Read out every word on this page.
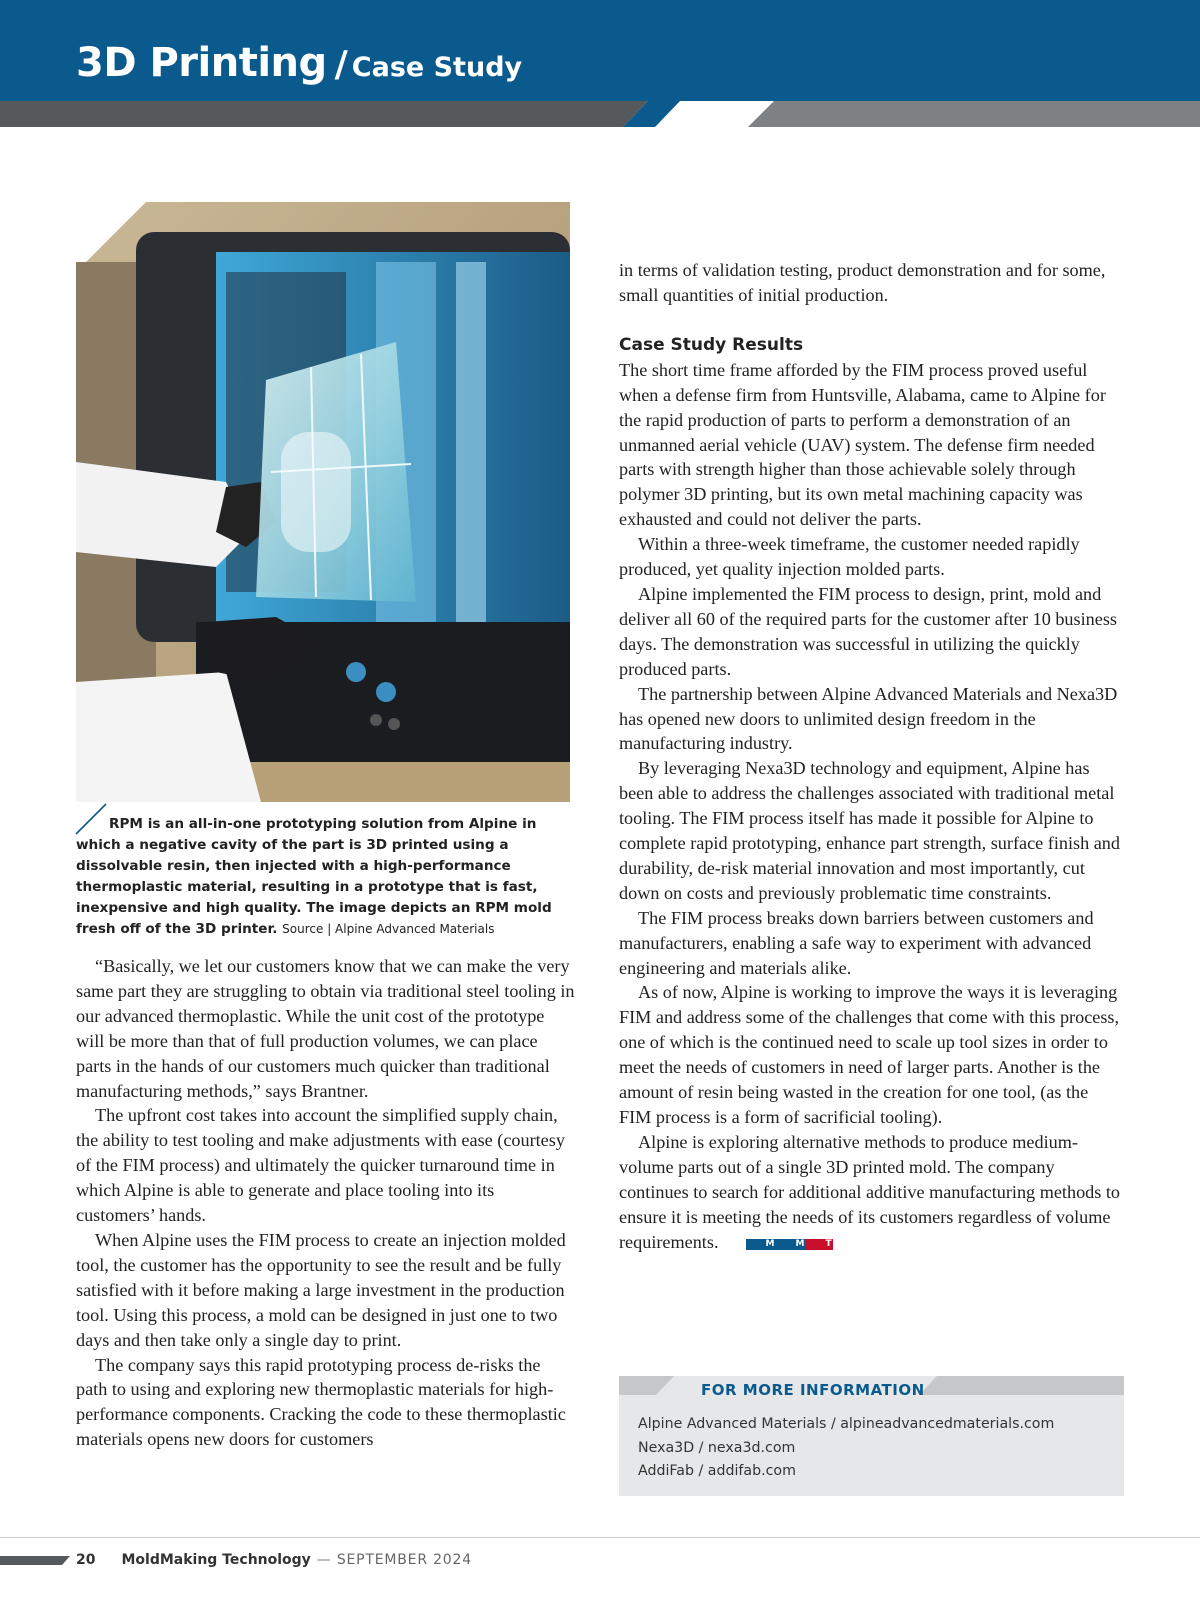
3D Printing / Case Study
RPM is an all-in-one prototyping solution from Alpine in which a negative cavity of the part is 3D printed using a dissolvable resin, then injected with a high-performance thermoplastic material, resulting in a prototype that is fast, inexpensive and high quality. The image depicts an RPM mold fresh off of the 3D printer. Source | Alpine Advanced Materials

“Basically, we let our customers know that we can make the very same part they are struggling to obtain via traditional steel tooling in our advanced thermoplastic. While the unit cost of the prototype will be more than that of full production volumes, we can place parts in the hands of our customers much quicker than traditional manufacturing methods,” says Brantner.

The upfront cost takes into account the simplified supply chain, the ability to test tooling and make adjustments with ease (courtesy of the FIM process) and ultimately the quicker turnaround time in which Alpine is able to generate and place tooling into its customers’ hands.

When Alpine uses the FIM process to create an injection molded tool, the customer has the opportunity to see the result and be fully satisfied with it before making a large investment in the production tool. Using this process, a mold can be designed in just one to two days and then take only a single day to print.

The company says this rapid prototyping process de-risks the path to using and exploring new thermoplastic materials for high-performance components. Cracking the code to these thermoplastic materials opens new doors for customers

in terms of validation testing, product demonstration and for some, small quantities of initial production.

Case Study Results

The short time frame afforded by the FIM process proved useful when a defense firm from Huntsville, Alabama, came to Alpine for the rapid production of parts to perform a demonstration of an unmanned aerial vehicle (UAV) system. The defense firm needed parts with strength higher than those achievable solely through polymer 3D printing, but its own metal machining capacity was exhausted and could not deliver the parts.

Within a three-week timeframe, the customer needed rapidly produced, yet quality injection molded parts.

Alpine implemented the FIM process to design, print, mold and deliver all 60 of the required parts for the customer after 10 business days. The demonstration was successful in utilizing the quickly produced parts.

The partnership between Alpine Advanced Materials and Nexa3D has opened new doors to unlimited design freedom in the manufacturing industry.

By leveraging Nexa3D technology and equipment, Alpine has been able to address the challenges associated with traditional metal tooling. The FIM process itself has made it possible for Alpine to complete rapid prototyping, enhance part strength, surface finish and durability, de-risk material innovation and most importantly, cut down on costs and previously problematic time constraints.

The FIM process breaks down barriers between customers and manufacturers, enabling a safe way to experiment with advanced engineering and materials alike.

As of now, Alpine is working to improve the ways it is leveraging FIM and address some of the challenges that come with this process, one of which is the continued need to scale up tool sizes in order to meet the needs of customers in need of larger parts. Another is the amount of resin being wasted in the creation for one tool, (as the FIM process is a form of sacrificial tooling).

Alpine is exploring alternative methods to produce medium-volume parts out of a single 3D printed mold. The company continues to search for additional additive manufacturing methods to ensure it is meeting the needs of its customers regardless of volume requirements.	M M T

FOR MORE INFORMATION
Alpine Advanced Materials / alpineadvancedmaterials.com
Nexa3D / nexa3d.com
AddiFab / addifab.com
20 MoldMaking Technology — SEPTEMBER 2024
